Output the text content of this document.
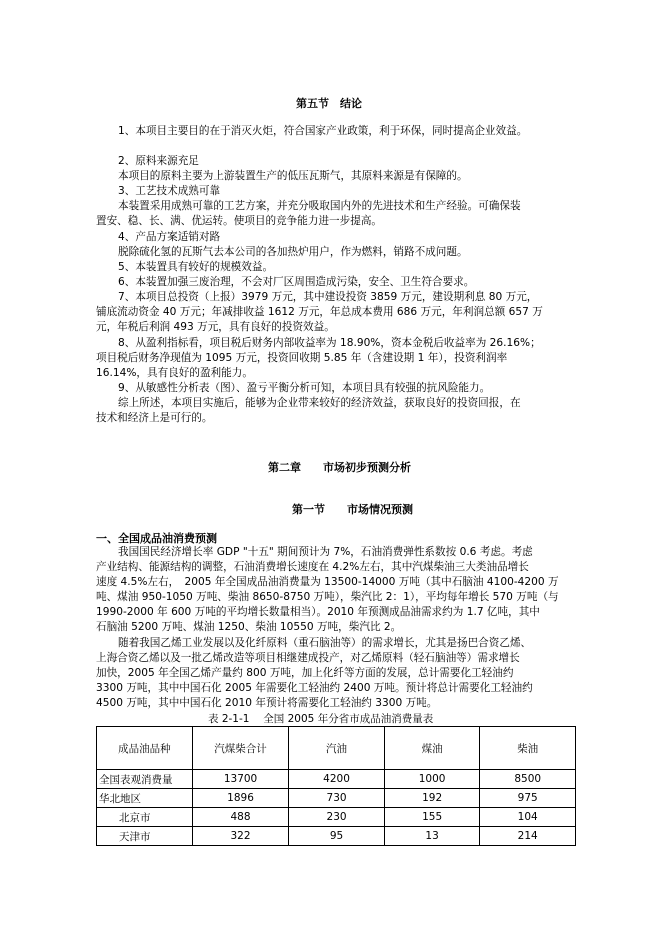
第五节　结论
1、本项目主要目的在于消灭火炬，符合国家产业政策，利于环保，同时提高企业效益。
2、原料来源充足
本项目的原料主要为上游装置生产的低压瓦斯气，其原料来源是有保障的。
3、工艺技术成熟可靠
本装置采用成熟可靠的工艺方案，并充分吸取国内外的先进技术和生产经验。可确保装
置安、稳、长、满、优运转。使项目的竞争能力进一步提高。
4、产品方案适销对路
脱除硫化氢的瓦斯气去本公司的各加热炉用户，作为燃料，销路不成问题。
5、本装置具有较好的规模效益。
6、本装置加强三废治理，不会对厂区周围造成污染，安全、卫生符合要求。
7、本项目总投资（上报）3979 万元，其中建设投资 3859 万元，建设期利息 80 万元，
铺底流动资金 40 万元；年减排收益 1612 万元，年总成本费用 686 万元，年利润总额 657 万
元，年税后利润 493 万元，具有良好的投资效益。
8、从盈利指标看，项目税后财务内部收益率为 18.90%，资本金税后收益率为 26.16%；
项目税后财务净现值为 1095 万元，投资回收期 5.85 年（含建设期 1 年），投资利润率
16.14%，具有良好的盈利能力。
9、从敏感性分析表（图）、盈亏平衡分析可知，本项目具有较强的抗风险能力。
综上所述，本项目实施后，能够为企业带来较好的经济效益，获取良好的投资回报，在
技术和经济上是可行的。
第二章　　市场初步预测分析
第一节　　市场情况预测
一、全国成品油消费预测
我国国民经济增长率 GDP "十五" 期间预计为 7%，石油消费弹性系数按 0.6 考虑。考虑
产业结构、能源结构的调整，石油消费增长速度在 4.2%左右，其中汽煤柴油三大类油品增长
速度 4.5%左右，　2005 年全国成品油消费量为 13500-14000 万吨（其中石脑油 4100-4200 万
吨、煤油 950-1050 万吨、柴油 8650-8750 万吨），柴汽比 2：1），平均每年增长 570 万吨（与
1990-2000 年 600 万吨的平均增长数量相当）。2010 年预测成品油需求约为 1.7 亿吨，其中
石脑油 5200 万吨、煤油 1250、柴油 10550 万吨，柴汽比 2。
随着我国乙烯工业发展以及化纤原料（重石脑油等）的需求增长，尤其是扬巴合资乙烯、
上海合资乙烯以及一批乙烯改造等项目相继建成投产，对乙烯原料（轻石脑油等）需求增长
加快，2005 年全国乙烯产量约 800 万吨，加上化纤等方面的发展，总计需要化工轻油约
3300 万吨，其中中国石化 2005 年需要化工轻油约 2400 万吨。预计将总计需要化工轻油约
4500 万吨，其中中国石化 2010 年预计将需要化工轻油约 3300 万吨。
表 2-1-1　 全国 2005 年分省市成品油消费量表
成品油品种	汽煤柴合计	汽油	煤油	柴油
全国表观消费量	13700	4200	1000	8500
华北地区	1896	730	192	975
北京市	488	230	155	104
天津市	322	95	13	214
